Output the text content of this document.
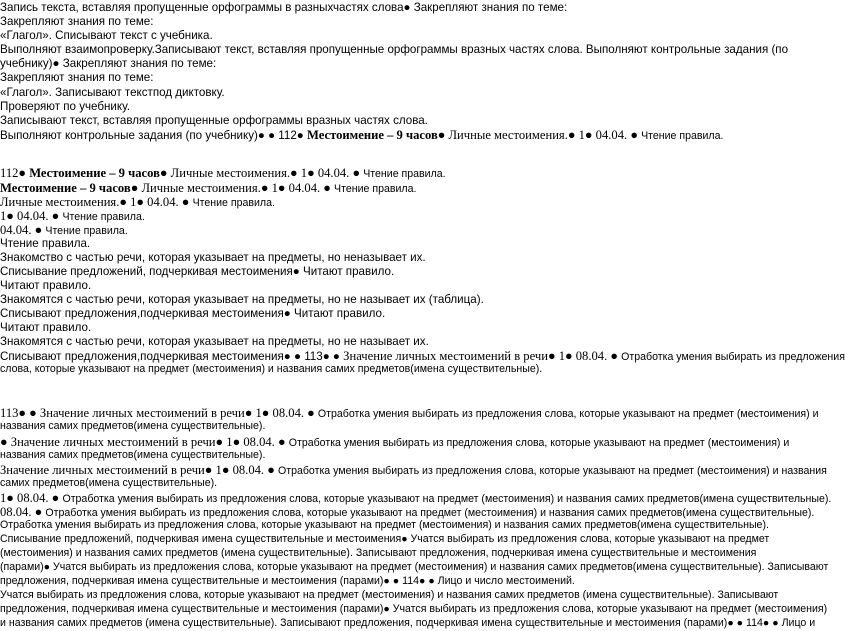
Запись текста, вставляя пропущенные орфограммы в разныхчастях слова● Закрепляют знания по теме:
Закрепляют знания по теме:
«Глагол». Списывают текст с учебника.
Выполняют взаимопроверку.Записывают текст, вставляя пропущенные орфограммы вразных частях слова. Выполняют контрольные задания (по
учебнику)● Закрепляют знания по теме:
Закрепляют знания по теме:
«Глагол». Записывают текстпод диктовку.
Проверяют по учебнику.
Записывают текст, вставляя пропущенные орфограммы вразных частях слова.
Выполняют контрольные задания (по учебнику)● ● 112● Местоимение – 9 часов● Личные местоимения.● 1● 04.04. ● Чтение правила.
112● Местоимение – 9 часов● Личные местоимения.● 1● 04.04. ● Чтение правила.
Местоимение – 9 часов● Личные местоимения.● 1● 04.04. ● Чтение правила.
Личные местоимения.● 1● 04.04. ● Чтение правила.
1● 04.04. ● Чтение правила.
04.04. ● Чтение правила.
Чтение правила.
Знакомство с частью речи, которая указывает на предметы, но неназывает их.
Списывание предложений, подчеркивая местоимения● Читают правило.
Читают правило.
Знакомятся с частью речи, которая указывает на предметы, но не называет их (таблица).
Списывают предложения,подчеркивая местоимения● Читают правило.
Читают правило.
Знакомятся с частью речи, которая указывает на предметы, но не называет их.
Списывают предложения,подчеркивая местоимения● ● 113● ● Значение личных местоимений в речи● 1● 08.04. ● Отработка умения выбирать из предложения
слова, которые указывают на предмет (местоимения) и названия самих предметов(имена существительные).
113● ● Значение личных местоимений в речи● 1● 08.04. ● Отработка умения выбирать из предложения слова, которые указывают на предмет (местоимения) и
названия самих предметов(имена существительные).
● Значение личных местоимений в речи● 1● 08.04. ● Отработка умения выбирать из предложения слова, которые указывают на предмет (местоимения) и
названия самих предметов(имена существительные).
Значение личных местоимений в речи● 1● 08.04. ● Отработка умения выбирать из предложения слова, которые указывают на предмет (местоимения) и названия
самих предметов(имена существительные).
1● 08.04. ● Отработка умения выбирать из предложения слова, которые указывают на предмет (местоимения) и названия самих предметов(имена существительные).
08.04. ● Отработка умения выбирать из предложения слова, которые указывают на предмет (местоимения) и названия самих предметов(имена существительные).
Отработка умения выбирать из предложения слова, которые указывают на предмет (местоимения) и названия самих предметов(имена существительные).
Списывание предложений, подчеркивая имена существительные и местоимения● Учатся выбирать из предложения слова, которые указывают на предмет
(местоимения) и названия самих предметов (имена существительные). Записывают предложения, подчеркивая имена существительные и местоимения
(парами)● Учатся выбирать из предложения слова, которые указывают на предмет (местоимения) и названия самих предметов(имена существительные). Записывают
предложения, подчеркивая имена существительные и местоимения (парами)● ● 114● ● Лицо и число местоимений.
Учатся выбирать из предложения слова, которые указывают на предмет (местоимения) и названия самих предметов (имена существительные). Записывают
предложения, подчеркивая имена существительные и местоимения (парами)● Учатся выбирать из предложения слова, которые указывают на предмет (местоимения)
и названия самих предметов (имена существительные). Записывают предложения, подчеркивая имена существительные и местоимения (парами)● ● 114● ● Лицо и
